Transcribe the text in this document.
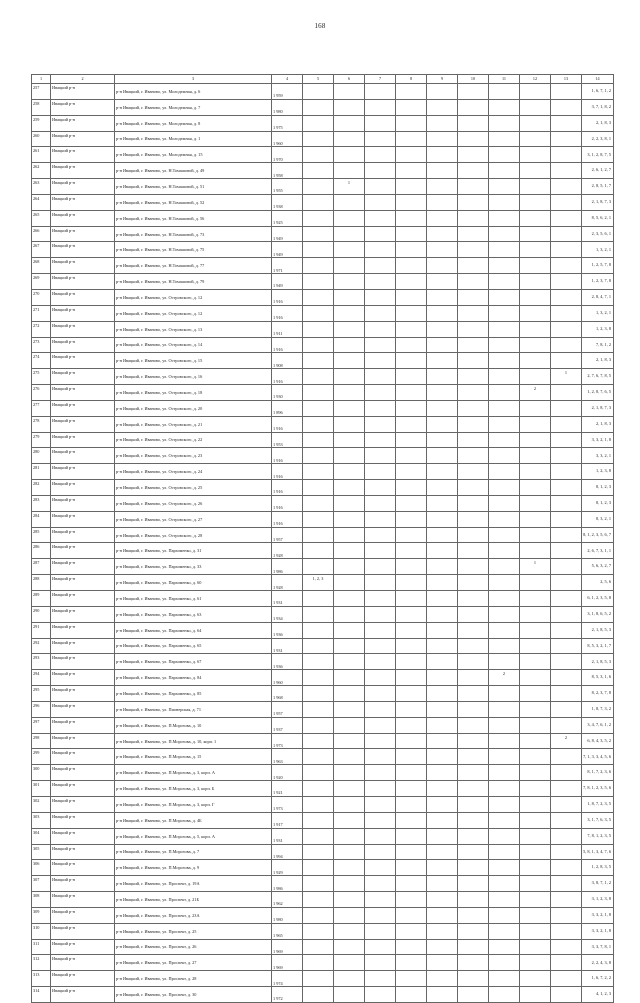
168
1	2	3	4	5	6	7	8	9	10	11	12	13	14
257	Ивацкий р-н	р-н Ивацкий, г. Иваново, ул. Молодежная, д. 6	1 959										1, 6, 7, 1, 2
258	Ивацкий р-н	р-н Ивацкий, г. Иваново, ул. Молодежная, д. 7	1 980										3, 7, 1, 8, 2
259	Ивацкий р-н	р-н Ивацкий, г. Иваново, ул. Молодежная, д. 8	1 975										2, 1, 8, 3
260	Ивацкий р-н	р-н Ивацкий, г. Иваново, ул. Молодежная, д. 1	1 960										2, 2, 3, 8, 1
261	Ивацкий р-н	р-н Ивацкий, г. Иваново, ул. Молодежная, д. 15	1 970										3, 1, 2, 8, 7, 5
262	Ивацкий р-н	р-н Ивацкий, г. Иваново, ул. Н.Томашовой, д. 49	1 958										2, 6, 1, 2, 7
263	Ивацкий р-н	р-н Ивацкий, г. Иваново, ул. Н.Томашовой, д. 51	1 955		1								2, 8, 5, 1, 7
264	Ивацкий р-н	р-н Ивацкий, г. Иваново, ул. Н.Томашовой, д. 52	1 938										2, 1, 8, 7, 3
265	Ивацкий р-н	р-н Ивацкий, г. Иваново, ул. Н.Томашовой, д. 56	1 925										8, 5, 6, 2, 1
266	Ивацкий р-н	р-н Ивацкий, г. Иваново, ул. Н.Томашовой, д. 73	1 949										2, 3, 5, 6, 1
267	Ивацкий р-н	р-н Ивацкий, г. Иваново, ул. Н.Томашовой, д. 75	1 949										1, 3, 2, 1
268	Ивацкий р-н	р-н Ивацкий, г. Иваново, ул. Н.Томашовой, д. 77	1 971										1, 2, 5, 7, 8
269	Ивацкий р-н	р-н Ивацкий, г. Иваново, ул. Н.Томашовой, д. 79	1 949										1, 2, 3, 7, 8
270	Ивацкий р-н	р-н Ивацкий, г. Иваново, ул. Островского, д. 12	1 916										2, 8, 4, 7, 1
271	Ивацкий р-н	р-н Ивацкий, г. Иваново, ул. Островского, д. 12	1 916										1, 3, 2, 1
272	Ивацкий р-н	р-н Ивацкий, г. Иваново, ул. Островского, д. 13	1 911										1, 2, 3, 8
273	Ивацкий р-н	р-н Ивацкий, г. Иваново, ул. Островского, д. 14	1 916										7, 8, 1, 2
274	Ивацкий р-н	р-н Ивацкий, г. Иваново, ул. Островского, д. 15	1 908										2, 1, 8, 3
275	Ивацкий р-н	р-н Ивацкий, г. Иваново, ул. Островского, д. 16	1 916									1	2, 7, 6, 7, 8, 5
276	Ивацкий р-н	р-н Ивацкий, г. Иваново, ул. Островского, д. 18	1 930								2		1, 2, 8, 7, 6, 5
277	Ивацкий р-н	р-н Ивацкий, г. Иваново, ул. Островского, д. 20	1 896										2, 1, 8, 7, 3
278	Ивацкий р-н	р-н Ивацкий, г. Иваново, ул. Островского, д. 21	1 916										2, 1, 8, 3
279	Ивацкий р-н	р-н Ивацкий, г. Иваново, ул. Островского, д. 22	1 953										3, 3, 2, 1, 8
280	Ивацкий р-н	р-н Ивацкий, г. Иваново, ул. Островского, д. 23	1 916										3, 3, 2, 1
281	Ивацкий р-н	р-н Ивацкий, г. Иваново, ул. Островского, д. 24	1 916										1, 2, 3, 8
282	Ивацкий р-н	р-н Ивацкий, г. Иваново, ул. Островского, д. 25	1 916										8, 1, 2, 3
283	Ивацкий р-н	р-н Ивацкий, г. Иваново, ул. Островского, д. 26	1 916										8, 1, 2, 3
284	Ивацкий р-н	р-н Ивацкий, г. Иваново, ул. Островского, д. 27	1 916										8, 3, 2, 1
285	Ивацкий р-н	р-н Ивацкий, г. Иваново, ул. Островского, д. 28	1 957										8, 1, 2, 3, 5, 6, 7
286	Ивацкий р-н	р-н Ивацкий, г. Иваново, ул. Пархоменко, д. 31	1 928										2, 6, 7, 3, 1, 1
287	Ивацкий р-н	р-н Ивацкий, г. Иваново, ул. Пархоменко, д. 33	1 986								1		5, 6, 3, 2, 7
288	Ивацкий р-н	р-н Ивацкий, г. Иваново, ул. Пархоменко, д. 60	1 928	1, 2, 3									2, 5, 6
289	Ивацкий р-н	р-н Ивацкий, г. Иваново, ул. Пархоменко, д. 61	1 931										6, 1, 2, 3, 5, 8
290	Ивацкий р-н	р-н Ивацкий, г. Иваново, ул. Пархоменко, д. 63	1 934										3, 1, 8, 6, 5, 2
291	Ивацкий р-н	р-н Ивацкий, г. Иваново, ул. Пархоменко, д. 64	1 936										2, 1, 8, 5, 3
292	Ивацкий р-н	р-н Ивацкий, г. Иваново, ул. Пархоменко, д. 65	1 931										8, 5, 3, 2, 1, 7
293	Ивацкий р-н	р-н Ивацкий, г. Иваново, ул. Пархоменко, д. 67	1 936										2, 1, 8, 5, 3
294	Ивацкий р-н	р-н Ивацкий, г. Иваново, ул. Пархоменко, д. 84	1 960							2			8, 5, 3, 1, 6
295	Ивацкий р-н	р-н Ивацкий, г. Иваново, ул. Пархоменко, д. 85	1 968										8, 2, 3, 7, 8
296	Ивацкий р-н	р-н Ивацкий, г. Иваново, ул. Пионерская, д. 71	1 957										1, 8, 7, 3, 2
297	Ивацкий р-н	р-н Ивацкий, г. Иваново, ул. П.Морозова, д. 10	1 937										3, 4, 7, 6, 1, 2
298	Ивацкий р-н	р-н Ивацкий, г. Иваново, ул. П.Морозова, д. 10, корп. 1	1 973									2	6, 8, 4, 3, 5, 2
299	Ивацкий р-н	р-н Ивацкий, г. Иваново, ул. П.Морозова, д. 15	1 963										7, 1, 3, 3, 4, 5, 6
300	Ивацкий р-н	р-н Ивацкий, г. Иваново, ул. П.Морозова, д. 3, корп. А	1 920										8, 1, 7, 2, 3, 6
301	Ивацкий р-н	р-н Ивацкий, г. Иваново, ул. П.Морозова, д. 3, корп. Б	1 921										7, 8, 1, 2, 3, 5, 6
302	Ивацкий р-н	р-н Ивацкий, г. Иваново, ул. П.Морозова, д. 3, корп. Г	1 973										1, 8, 7, 2, 3, 5
303	Ивацкий р-н	р-н Ивацкий, г. Иваново, ул. П.Морозова, д. 4Б	1 917										3, 1, 7, 6, 3, 5
304	Ивацкий р-н	р-н Ивацкий, г. Иваново, ул. П.Морозова, д. 5, корп. А	1 931										7, 8, 1, 2, 3, 5
305	Ивацкий р-н	р-н Ивацкий, г. Иваново, ул. П.Морозова, д. 7	1 994										5, 8, 1, 3, 4, 7, 6
306	Ивацкий р-н	р-н Ивацкий, г. Иваново, ул. П.Морозова, д. 9	1 929										1, 2, 8, 3, 5
307	Ивацкий р-н	р-н Ивацкий, г. Иваново, ул. Проспект, д. 19А	1 986										3, 8, 7, 1, 2
308	Ивацкий р-н	р-н Ивацкий, г. Иваново, ул. Проспект, д. 21Б	1 962										3, 1, 2, 3, 8
309	Ивацкий р-н	р-н Ивацкий, г. Иваново, ул. Проспект, д. 23А	1 980										3, 3, 2, 1, 8
310	Ивацкий р-н	р-н Ивацкий, г. Иваново, ул. Проспект, д. 25	1 965										3, 3, 2, 1, 8
311	Ивацкий р-н	р-н Ивацкий, г. Иваново, ул. Проспект, д. 26	1 969										3, 3, 7, 8, 1
312	Ивацкий р-н	р-н Ивацкий, г. Иваново, ул. Проспект, д. 27	1 969										2, 2, 4, 3, 8
313	Ивацкий р-н	р-н Ивацкий, г. Иваново, ул. Проспект, д. 28	1 974										1, 6, 7, 2, 2
314	Ивацкий р-н	р-н Ивацкий, г. Иваново, ул. Проспект, д. 30	1 972										4, 1, 2, 3
